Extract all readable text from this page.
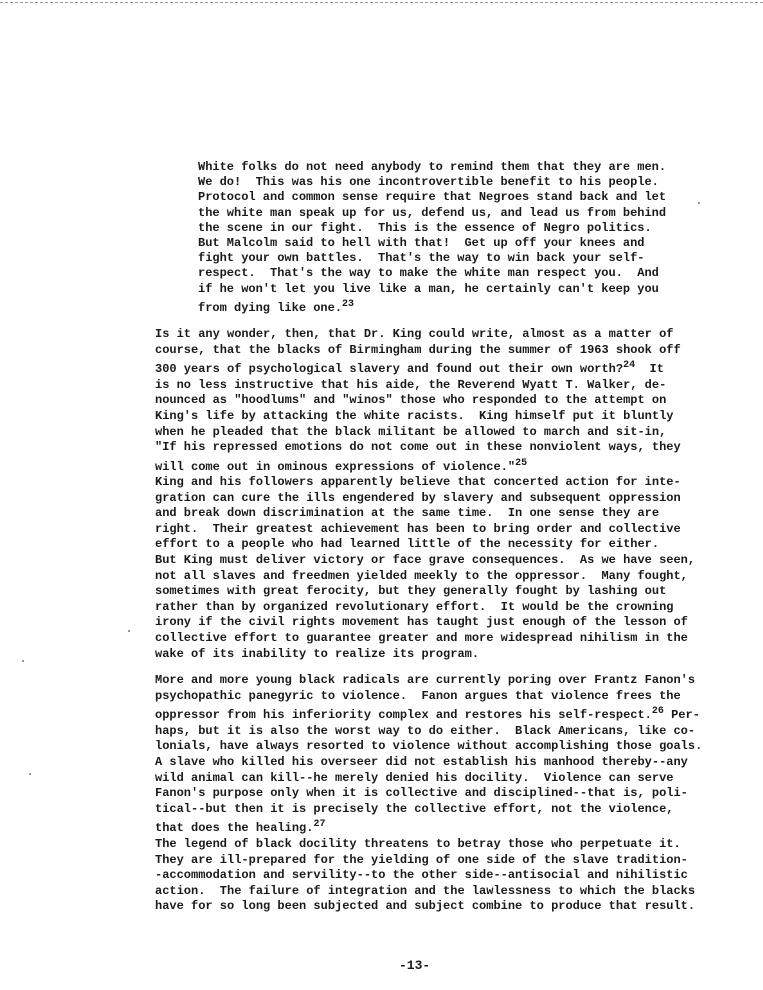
White folks do not need anybody to remind them that they are men.
We do!  This was his one incontrovertible benefit to his people.
Protocol and common sense require that Negroes stand back and let
the white man speak up for us, defend us, and lead us from behind
the scene in our fight.  This is the essence of Negro politics.
But Malcolm said to hell with that!  Get up off your knees and
fight your own battles.  That's the way to win back your self-
respect.  That's the way to make the white man respect you.  And
if he won't let you live like a man, he certainly can't keep you
from dying like one.$^{23}$
Is it any wonder, then, that Dr. King could write, almost as a matter of
course, that the blacks of Birmingham during the summer of 1963 shook off
300 years of psychological slavery and found out their own worth?$^{24}$  It
is no less instructive that his aide, the Reverend Wyatt T. Walker, de-
nounced as "hoodlums" and "winos" those who responded to the attempt on
King's life by attacking the white racists.  King himself put it bluntly
when he pleaded that the black militant be allowed to march and sit-in,
"If his repressed emotions do not come out in these nonviolent ways, they
will come out in ominous expressions of violence."$^{25}$
King and his followers apparently believe that concerted action for inte-
gration can cure the ills engendered by slavery and subsequent oppression
and break down discrimination at the same time.  In one sense they are
right.  Their greatest achievement has been to bring order and collective
effort to a people who had learned little of the necessity for either.
But King must deliver victory or face grave consequences.  As we have seen,
not all slaves and freedmen yielded meekly to the oppressor.  Many fought,
sometimes with great ferocity, but they generally fought by lashing out
rather than by organized revolutionary effort.  It would be the crowning
irony if the civil rights movement has taught just enough of the lesson of
collective effort to guarantee greater and more widespread nihilism in the
wake of its inability to realize its program.
More and more young black radicals are currently poring over Frantz Fanon's
psychopathic panegyric to violence.  Fanon argues that violence frees the
oppressor from his inferiority complex and restores his self-respect.$^{26}$ Per-
haps, but it is also the worst way to do either.  Black Americans, like co-
lonials, have always resorted to violence without accomplishing those goals.
A slave who killed his overseer did not establish his manhood thereby--any
wild animal can kill--he merely denied his docility.  Violence can serve
Fanon's purpose only when it is collective and disciplined--that is, poli-
tical--but then it is precisely the collective effort, not the violence,
that does the healing.$^{27}$
The legend of black docility threatens to betray those who perpetuate it.
They are ill-prepared for the yielding of one side of the slave tradition-
-accommodation and servility--to the other side--antisocial and nihilistic
action.  The failure of integration and the lawlessness to which the blacks
have for so long been subjected and subject combine to produce that result.
-13-
